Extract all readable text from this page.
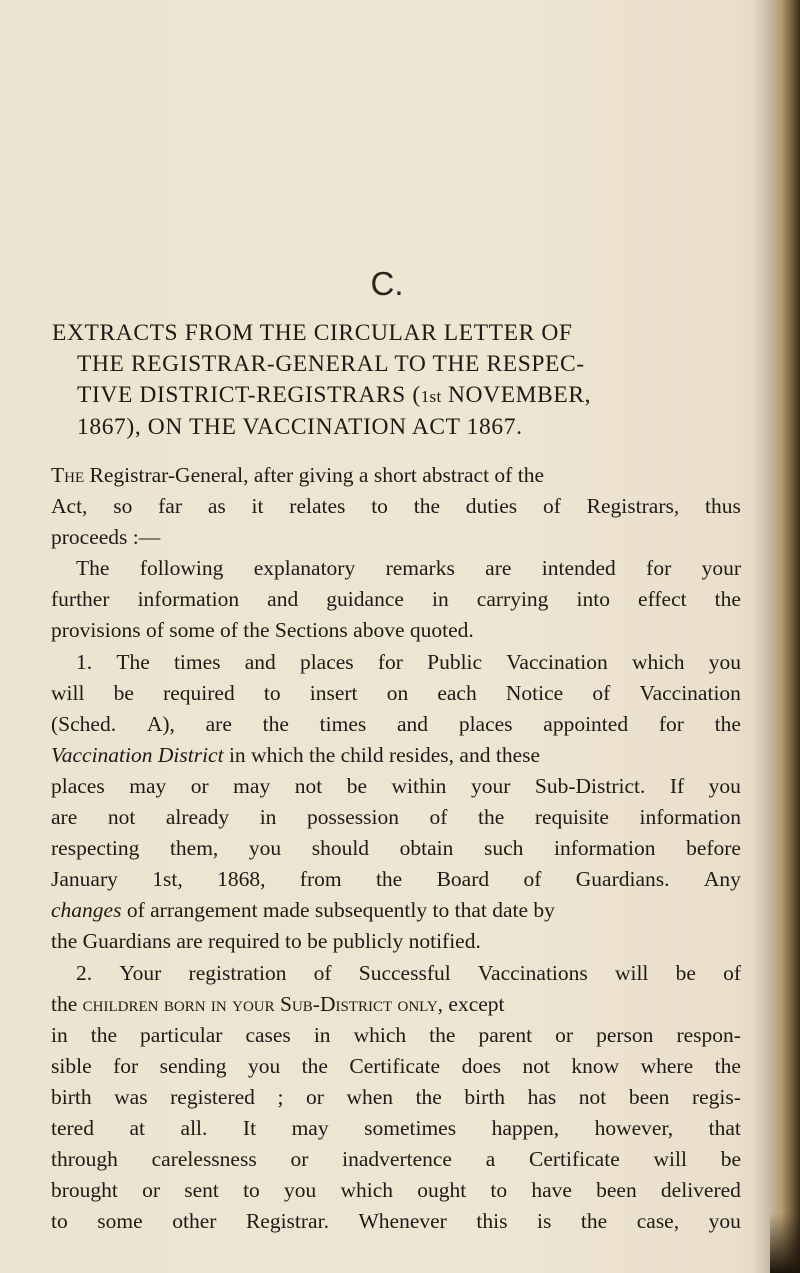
C.
EXTRACTS FROM THE CIRCULAR LETTER OF
THE REGISTRAR-GENERAL TO THE RESPEC-
TIVE DISTRICT-REGISTRARS (1st NOVEMBER,
1867), ON THE VACCINATION ACT 1867.
The Registrar-General, after giving a short abstract of the
Act, so far as it relates to the duties of Registrars, thus
proceeds :—
The following explanatory remarks are intended for your
further information and guidance in carrying into effect the
provisions of some of the Sections above quoted.
1. The times and places for Public Vaccination which you
will be required to insert on each Notice of Vaccination
(Sched. A), are the times and places appointed for the
Vaccination District in which the child resides, and these
places may or may not be within your Sub-District. If you
are not already in possession of the requisite information
respecting them, you should obtain such information before
January 1st, 1868, from the Board of Guardians. Any
changes of arrangement made subsequently to that date by
the Guardians are required to be publicly notified.
2. Your registration of Successful Vaccinations will be of
the children born in your Sub-District only, except
in the particular cases in which the parent or person respon-
sible for sending you the Certificate does not know where the
birth was registered ; or when the birth has not been regis-
tered at all. It may sometimes happen, however, that
through carelessness or inadvertence a Certificate will be
brought or sent to you which ought to have been delivered
to some other Registrar. Whenever this is the case, you
